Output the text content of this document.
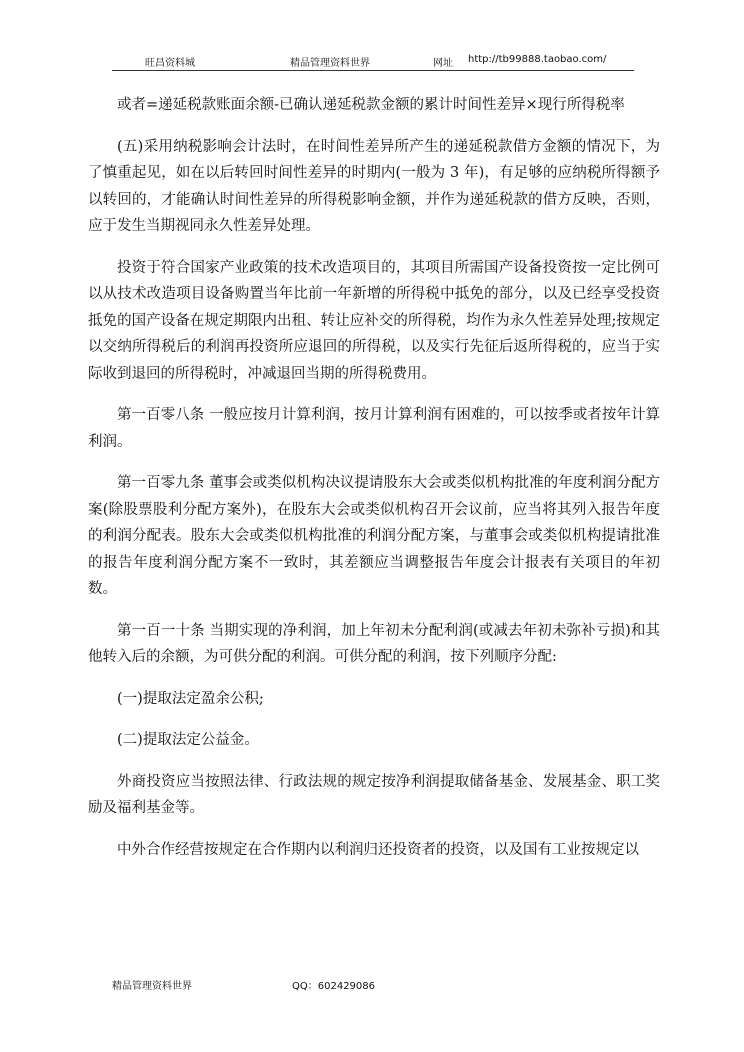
旺昌资料城	精品管理资料世界	网址 http://tb99888.taobao.com/

或者=递延税款账面余额-已确认递延税款金额的累计时间性差异×现行所得税率

(五)采用纳税影响会计法时，在时间性差异所产生的递延税款借方金额的情况下，为了慎重起见，如在以后转回时间性差异的时期内(一般为 3 年)，有足够的应纳税所得额予以转回的，才能确认时间性差异的所得税影响金额，并作为递延税款的借方反映，否则，应于发生当期视同永久性差异处理。

投资于符合国家产业政策的技术改造项目的，其项目所需国产设备投资按一定比例可以从技术改造项目设备购置当年比前一年新增的所得税中抵免的部分，以及已经享受投资抵免的国产设备在规定期限内出租、转让应补交的所得税，均作为永久性差异处理;按规定以交纳所得税后的利润再投资所应退回的所得税，以及实行先征后返所得税的，应当于实际收到退回的所得税时，冲减退回当期的所得税费用。

第一百零八条 一般应按月计算利润，按月计算利润有困难的，可以按季或者按年计算利润。

第一百零九条 董事会或类似机构决议提请股东大会或类似机构批准的年度利润分配方案(除股票股利分配方案外)，在股东大会或类似机构召开会议前，应当将其列入报告年度的利润分配表。股东大会或类似机构批准的利润分配方案，与董事会或类似机构提请批准的报告年度利润分配方案不一致时，其差额应当调整报告年度会计报表有关项目的年初数。

第一百一十条 当期实现的净利润，加上年初未分配利润(或减去年初未弥补亏损)和其他转入后的余额，为可供分配的利润。可供分配的利润，按下列顺序分配:

(一)提取法定盈余公积;

(二)提取法定公益金。

外商投资应当按照法律、行政法规的规定按净利润提取储备基金、发展基金、职工奖励及福利基金等。

中外合作经营按规定在合作期内以利润归还投资者的投资，以及国有工业按规定以

精品管理资料世界	QQ：602429086
